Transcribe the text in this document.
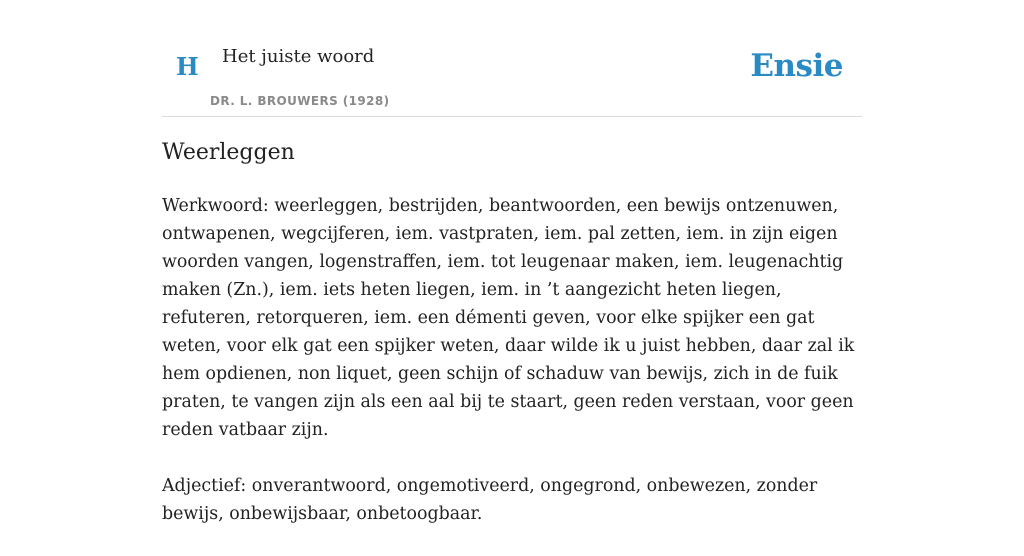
H Het juiste woord
DR. L. BROUWERS (1928)
Ensie
Weerleggen

Werkwoord: weerleggen, bestrijden, beantwoorden, een bewijs ontzenuwen, ontwapenen, wegcijferen, iem. vastpraten, iem. pal zetten, iem. in zijn eigen woorden vangen, logenstraffen, iem. tot leugenaar maken, iem. leugenachtig maken (Zn.), iem. iets heten liegen, iem. in ’t aangezicht heten liegen, refuteren, retorqueren, iem. een démenti geven, voor elke spijker een gat weten, voor elk gat een spijker weten, daar wilde ik u juist hebben, daar zal ik hem opdienen, non liquet, geen schijn of schaduw van bewijs, zich in de fuik praten, te vangen zijn als een aal bij te staart, geen reden verstaan, voor geen reden vatbaar zijn.

Adjectief: onverantwoord, ongemotiveerd, ongegrond, onbewezen, zonder bewijs, onbewijsbaar, onbetoogbaar.
